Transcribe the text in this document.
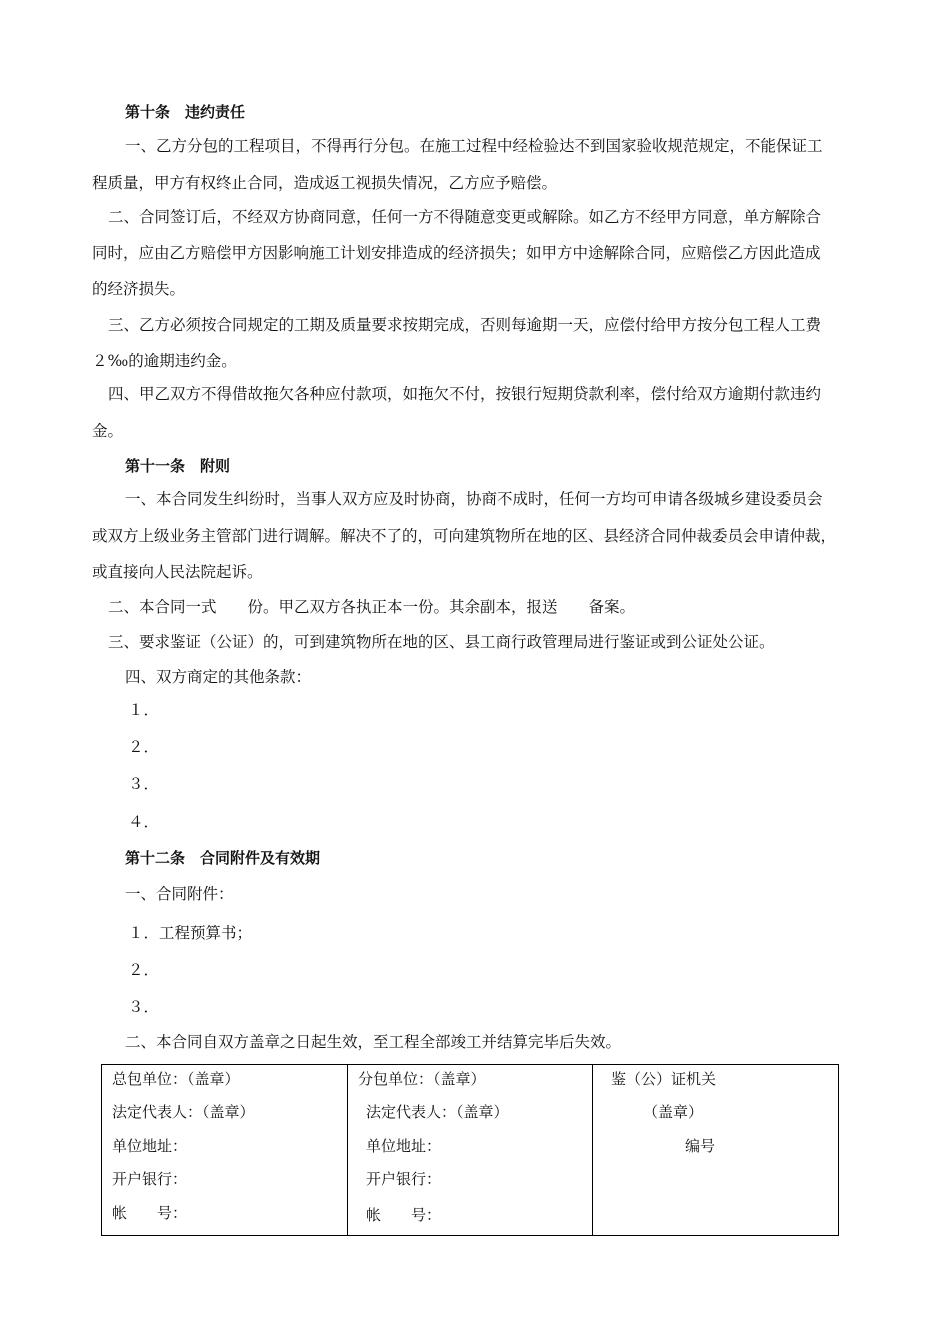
第十条　违约责任
一、乙方分包的工程项目，不得再行分包。在施工过程中经检验达不到国家验收规范规定，不能保证工
程质量，甲方有权终止合同，造成返工视损失情况，乙方应予赔偿。
二、合同签订后，不经双方协商同意，任何一方不得随意变更或解除。如乙方不经甲方同意，单方解除合
同时，应由乙方赔偿甲方因影响施工计划安排造成的经济损失；如甲方中途解除合同，应赔偿乙方因此造成
的经济损失。
三、乙方必须按合同规定的工期及质量要求按期完成，否则每逾期一天，应偿付给甲方按分包工程人工费
２‰的逾期违约金。
四、甲乙双方不得借故拖欠各种应付款项，如拖欠不付，按银行短期贷款利率，偿付给双方逾期付款违约
金。
第十一条　附则
一、本合同发生纠纷时，当事人双方应及时协商，协商不成时，任何一方均可申请各级城乡建设委员会
或双方上级业务主管部门进行调解。解决不了的，可向建筑物所在地的区、县经济合同仲裁委员会申请仲裁，
或直接向人民法院起诉。
二、本合同一式　　份。甲乙双方各执正本一份。其余副本，报送　　备案。
三、要求鉴证（公证）的，可到建筑物所在地的区、县工商行政管理局进行鉴证或到公证处公证。
四、双方商定的其他条款：
１．
２．
３．
４．
第十二条　合同附件及有效期
一、合同附件：
１．工程预算书；
２．
３．
二、本合同自双方盖章之日起生效，至工程全部竣工并结算完毕后失效。
总包单位：（盖章）
法定代表人：（盖章）
单位地址：
开户银行：
帐　　号：
分包单位：（盖章）
法定代表人：（盖章）
单位地址：
开户银行：
帐　　号：
鉴（公）证机关
（盖章）
编号
